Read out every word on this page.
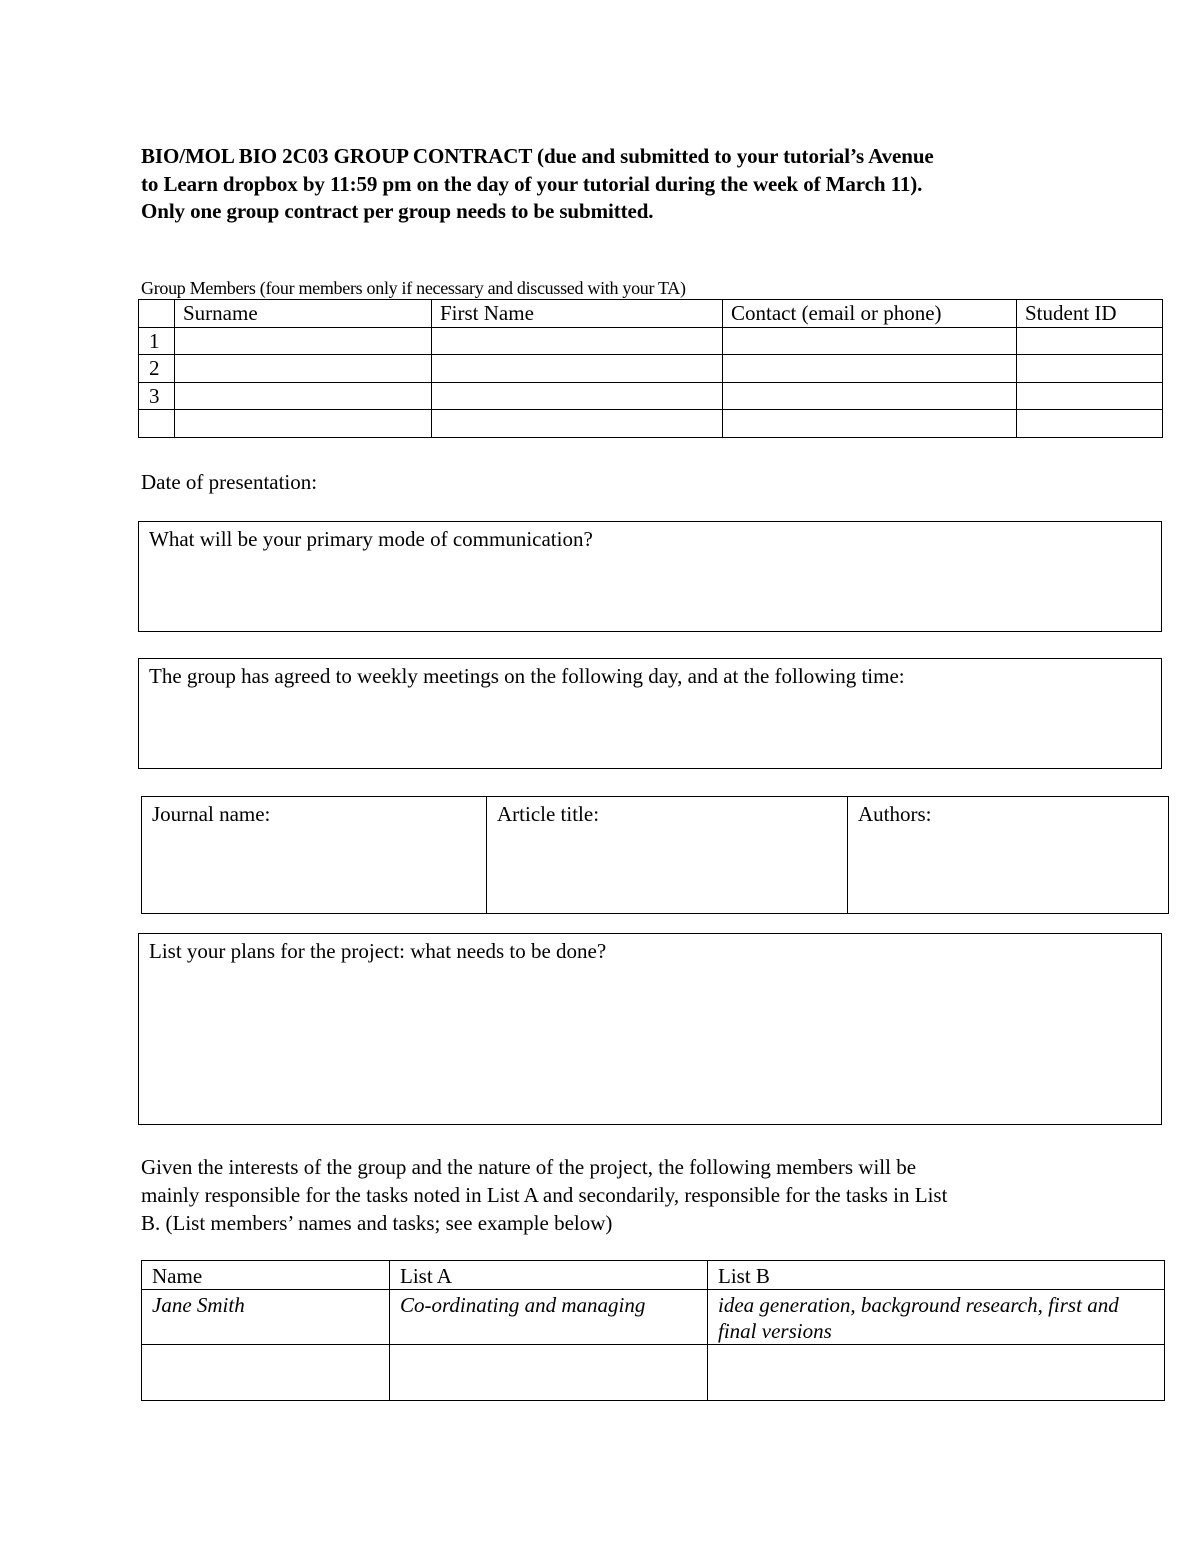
BIO/MOL BIO 2C03 GROUP CONTRACT (due and submitted to your tutorial’s Avenue
to Learn dropbox by 11:59 pm on the day of your tutorial during the week of March 11).
Only one group contract per group needs to be submitted.
Group Members (four members only if necessary and discussed with your TA)
	Surname	First Name	Contact (email or phone)	Student ID
1				
2				
3				

Date of presentation:
What will be your primary mode of communication?
The group has agreed to weekly meetings on the following day, and at the following time:
Journal name:	Article title:	Authors:
List your plans for the project: what needs to be done?
Given the interests of the group and the nature of the project, the following members will be
mainly responsible for the tasks noted in List A and secondarily, responsible for the tasks in List
B. (List members’ names and tasks; see example below)
Name	List A	List B
Jane Smith	Co-ordinating and managing	idea generation, background research, first and final versions
